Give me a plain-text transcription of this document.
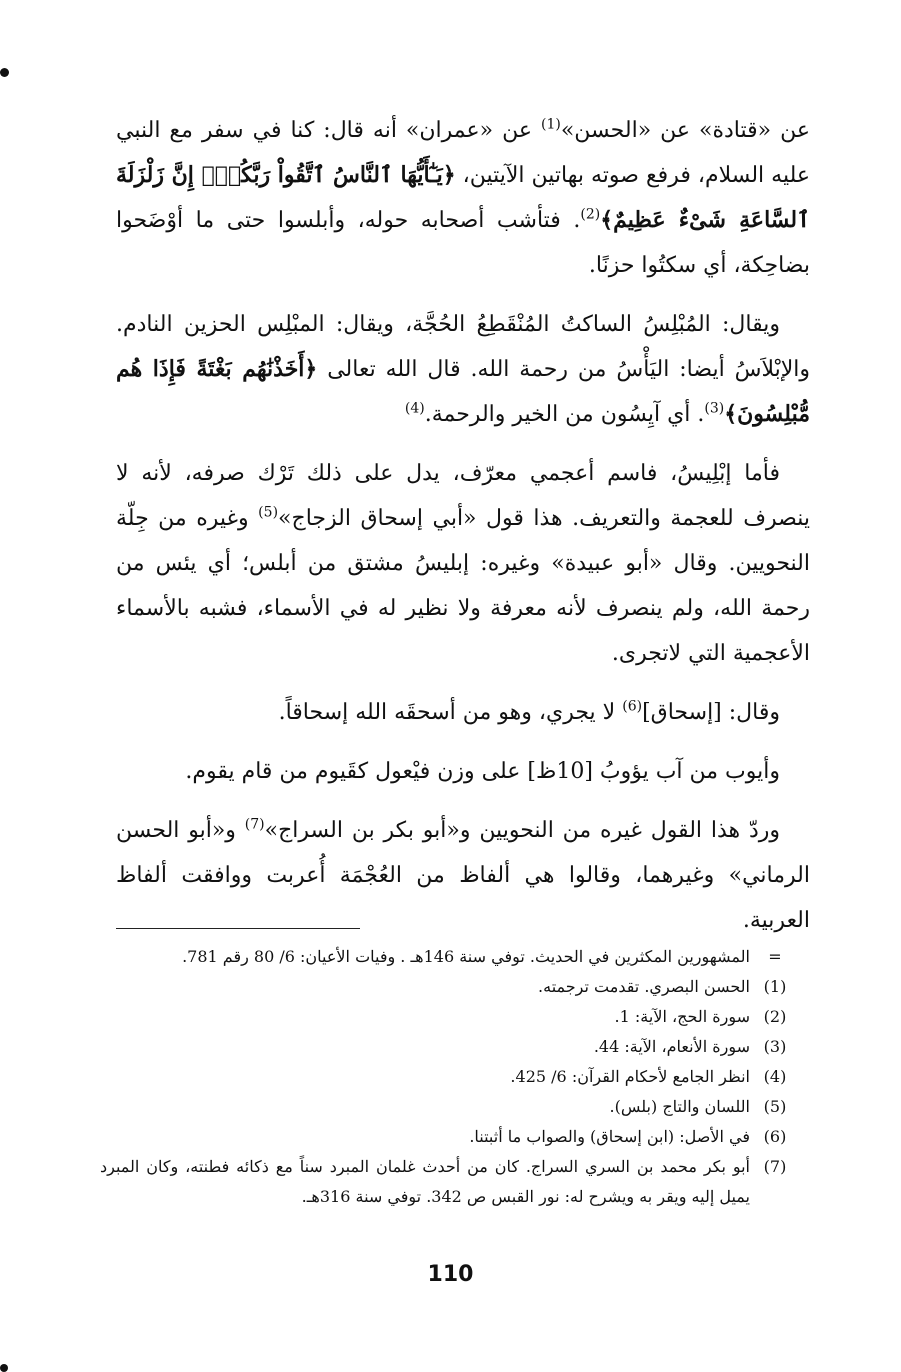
عن «قتادة» عن «الحسن»$^{(1)}$ عن «عمران» أنه قال: كنا في سفر مع النبي عليه السلام، فرفع صوته بهاتين الآيتين، ﴿يَـٰٓأَيُّهَا ٱلنَّاسُ ٱتَّقُواْ رَبَّكُمْۚ إِنَّ زَلْزَلَةَ ٱلسَّاعَةِ شَىْءٌ عَظِيمٌ﴾$^{(2)}$. فتأشب أصحابه حوله، وأبلسوا حتى ما أوْضَحوا بضاحِكة، أي سكتُوا حزنًا.

ويقال: المُبْلِسُ الساكتُ المُنْقَطِعُ الحُجَّة، ويقال: المبْلِس الحزين النادم. والإبْلاَسُ أيضا: اليَأْسُ من رحمة الله. قال الله تعالى ﴿أَخَذْنَٰهُم بَغْتَةً فَإِذَا هُم مُّبْلِسُونَ﴾$^{(3)}$. أي آيِسُون من الخير والرحمة.$^{(4)}$

فأما إبْلِيسُ، فاسم أعجمي معرّف، يدل على ذلك تَرْك صرفه، لأنه لا ينصرف للعجمة والتعريف. هذا قول «أبي إسحاق الزجاج»$^{(5)}$ وغيره من جِلّة النحويين. وقال «أبو عبيدة» وغيره: إبليسُ مشتق من أبلس؛ أي يئس من رحمة الله، ولم ينصرف لأنه معرفة ولا نظير له في الأسماء، فشبه بالأسماء الأعجمية التي لاتجرى.

وقال: [إسحاق]$^{(6)}$ لا يجري، وهو من أسحقَه الله إسحاقاً.

وأيوب من آب يؤوبُ [10ظ] على وزن فيْعول كقَيوم من قام يقوم.

وردّ هذا القول غيره من النحويين و«أبو بكر بن السراج»$^{(7)}$ و«أبو الحسن الرماني» وغيرهما، وقالوا هي ألفاظ من العُجْمَة أُعربت ووافقت ألفاظ العربية.

=
المشهورين المكثرين في الحديث. توفي سنة 146هـ . وفيات الأعيان: 6/ 80 رقم 781.
(1)
الحسن البصري. تقدمت ترجمته.
(2)
سورة الحج، الآية: 1.
(3)
سورة الأنعام، الآية: 44.
(4)
انظر الجامع لأحكام القرآن: 6/ 425.
(5)
اللسان والتاج (بلس).
(6)
في الأصل: (ابن إسحاق) والصواب ما أثبتنا.
(7)
أبو بكر محمد بن السري السراج. كان من أحدث غلمان المبرد سناً مع ذكائه فطنته، وكان المبرد يميل إليه ويقر به ويشرح له: نور القبس ص 342. توفي سنة 316هـ.
110
